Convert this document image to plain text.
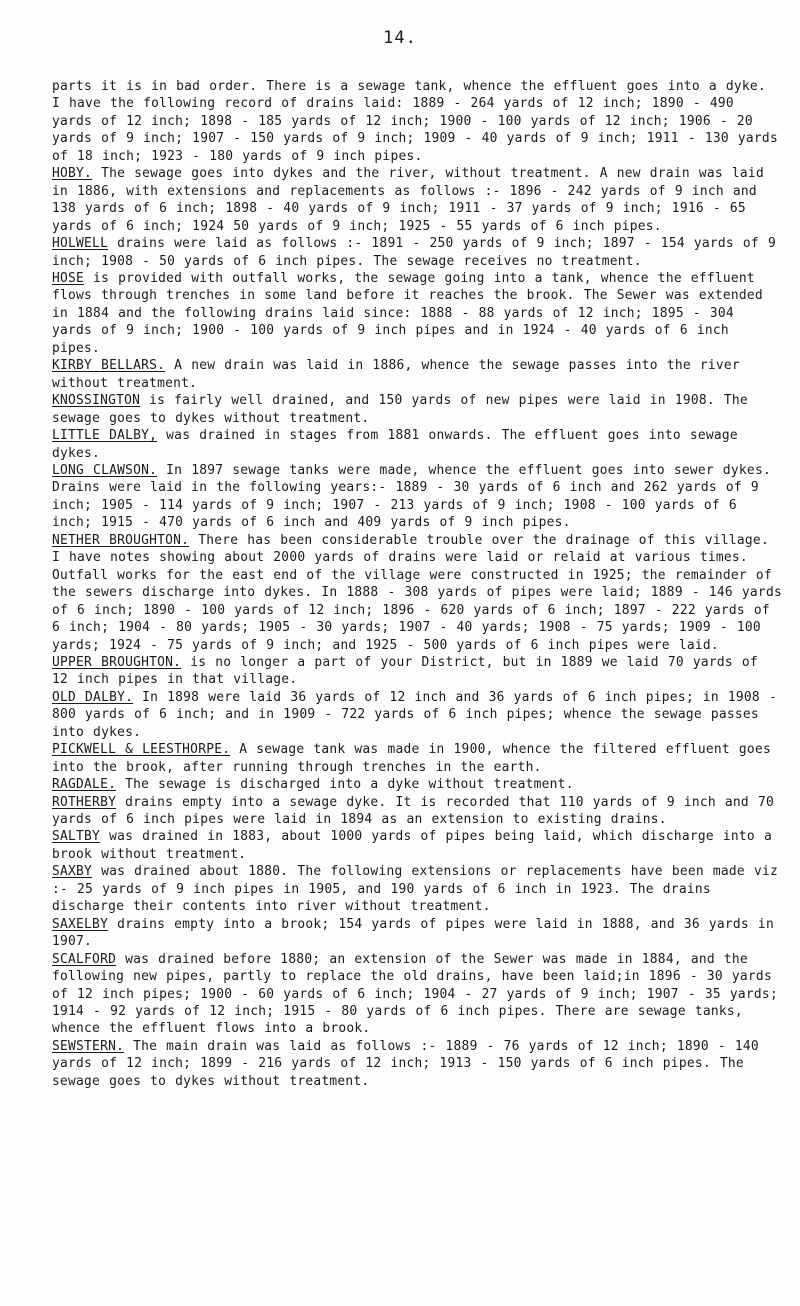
14.

parts it is in bad order. There is a sewage tank, whence the effluent goes into a dyke. I have the following record of drains laid: 1889 - 264 yards of 12 inch; 1890 - 490 yards of 12 inch; 1898 - 185 yards of 12 inch; 1900 - 100 yards of 12 inch; 1906 - 20 yards of 9 inch; 1907 - 150 yards of 9 inch; 1909 - 40 yards of 9 inch; 1911 - 130 yards of 18 inch; 1923 - 180 yards of 9 inch pipes.

HOBY. The sewage goes into dykes and the river, without treatment. A new drain was laid in 1886, with extensions and replacements as follows :- 1896 - 242 yards of 9 inch and 138 yards of 6 inch; 1898 - 40 yards of 9 inch; 1911 - 37 yards of 9 inch; 1916 - 65 yards of 6 inch; 1924 50 yards of 9 inch; 1925 - 55 yards of 6 inch pipes.

HOLWELL drains were laid as follows :- 1891 - 250 yards of 9 inch; 1897 - 154 yards of 9 inch; 1908 - 50 yards of 6 inch pipes. The sewage receives no treatment.

HOSE is provided with outfall works, the sewage going into a tank, whence the effluent flows through trenches in some land before it reaches the brook. The Sewer was extended in 1884 and the following drains laid since: 1888 - 88 yards of 12 inch; 1895 - 304 yards of 9 inch; 1900 - 100 yards of 9 inch pipes and in 1924 - 40 yards of 6 inch pipes.

KIRBY BELLARS. A new drain was laid in 1886, whence the sewage passes into the river without treatment.

KNOSSINGTON is fairly well drained, and 150 yards of new pipes were laid in 1908. The sewage goes to dykes without treatment.

LITTLE DALBY, was drained in stages from 1881 onwards. The effluent goes into sewage dykes.

LONG CLAWSON. In 1897 sewage tanks were made, whence the effluent goes into sewer dykes. Drains were laid in the following years:- 1889 - 30 yards of 6 inch and 262 yards of 9 inch; 1905 - 114 yards of 9 inch; 1907 - 213 yards of 9 inch; 1908 - 100 yards of 6 inch; 1915 - 470 yards of 6 inch and 409 yards of 9 inch pipes.

NETHER BROUGHTON. There has been considerable trouble over the drainage of this village. I have notes showing about 2000 yards of drains were laid or relaid at various times. Outfall works for the east end of the village were constructed in 1925; the remainder of the sewers discharge into dykes. In 1888 - 308 yards of pipes were laid; 1889 - 146 yards of 6 inch; 1890 - 100 yards of 12 inch; 1896 - 620 yards of 6 inch; 1897 - 222 yards of 6 inch; 1904 - 80 yards; 1905 - 30 yards; 1907 - 40 yards; 1908 - 75 yards; 1909 - 100 yards; 1924 - 75 yards of 9 inch; and 1925 - 500 yards of 6 inch pipes were laid.

UPPER BROUGHTON. is no longer a part of your District, but in 1889 we laid 70 yards of 12 inch pipes in that village.

OLD DALBY. In 1898 were laid 36 yards of 12 inch and 36 yards of 6 inch pipes; in 1908 - 800 yards of 6 inch; and in 1909 - 722 yards of 6 inch pipes; whence the sewage passes into dykes.

PICKWELL & LEESTHORPE. A sewage tank was made in 1900, whence the filtered effluent goes into the brook, after running through trenches in the earth.

RAGDALE. The sewage is discharged into a dyke without treatment.

ROTHERBY drains empty into a sewage dyke. It is recorded that 110 yards of 9 inch and 70 yards of 6 inch pipes were laid in 1894 as an extension to existing drains.

SALTBY was drained in 1883, about 1000 yards of pipes being laid, which discharge into a brook without treatment.

SAXBY was drained about 1880. The following extensions or replacements have been made viz :- 25 yards of 9 inch pipes in 1905, and 190 yards of 6 inch in 1923. The drains discharge their contents into river without treatment.

SAXELBY drains empty into a brook; 154 yards of pipes were laid in 1888, and 36 yards in 1907.

SCALFORD was drained before 1880; an extension of the Sewer was made in 1884, and the following new pipes, partly to replace the old drains, have been laid;in 1896 - 30 yards of 12 inch pipes; 1900 - 60 yards of 6 inch; 1904 - 27 yards of 9 inch; 1907 - 35 yards; 1914 - 92 yards of 12 inch; 1915 - 80 yards of 6 inch pipes. There are sewage tanks, whence the effluent flows into a brook.

SEWSTERN. The main drain was laid as follows :- 1889 - 76 yards of 12 inch; 1890 - 140 yards of 12 inch; 1899 - 216 yards of 12 inch; 1913 - 150 yards of 6 inch pipes. The sewage goes to dykes without treatment.
